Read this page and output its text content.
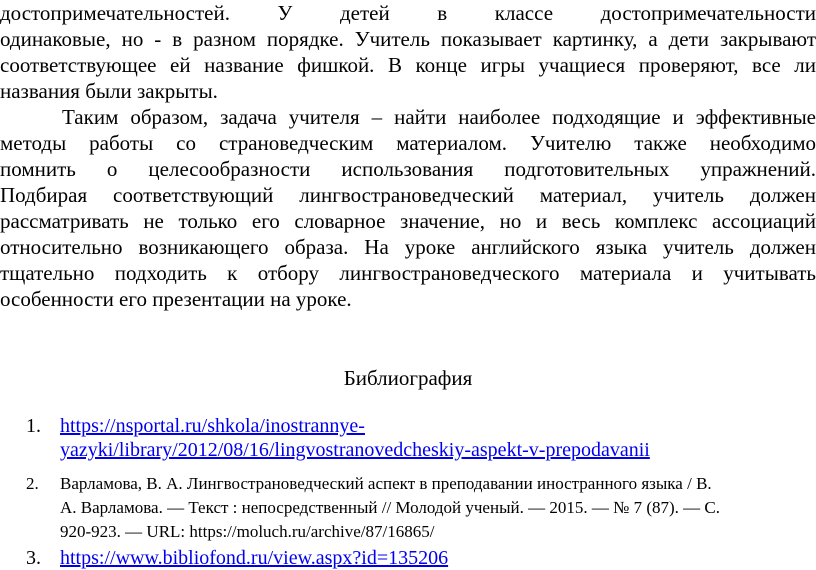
достопримечательностей. У детей в классе достопримечательности
одинаковые, но - в разном порядке. Учитель показывает картинку, а дети закрывают
соответствующее ей название фишкой. В конце игры учащиеся проверяют, все ли
названия были закрыты.
Таким образом, задача учителя – найти наиболее подходящие и эффективные
методы работы со страноведческим материалом. Учителю также необходимо
помнить о целесообразности использования подготовительных упражнений.
Подбирая соответствующий лингвострановедческий материал, учитель должен
рассматривать не только его словарное значение, но и весь комплекс ассоциаций
относительно возникающего образа. На уроке английского языка учитель должен
тщательно подходить к отбору лингвострановедческого материала и учитывать
особенности его презентации на уроке.
Библиография
1. https://nsportal.ru/shkola/inostrannye-
yazyki/library/2012/08/16/lingvostranovedcheskiy-aspekt-v-prepodavanii
2. Варламова, В. А. Лингвострановедческий аспект в преподавании иностранного языка / В.
А. Варламова. — Текст : непосредственный // Молодой ученый. — 2015. — № 7 (87). — С.
920-923. — URL: https://moluch.ru/archive/87/16865/
3. https://www.bibliofond.ru/view.aspx?id=135206
